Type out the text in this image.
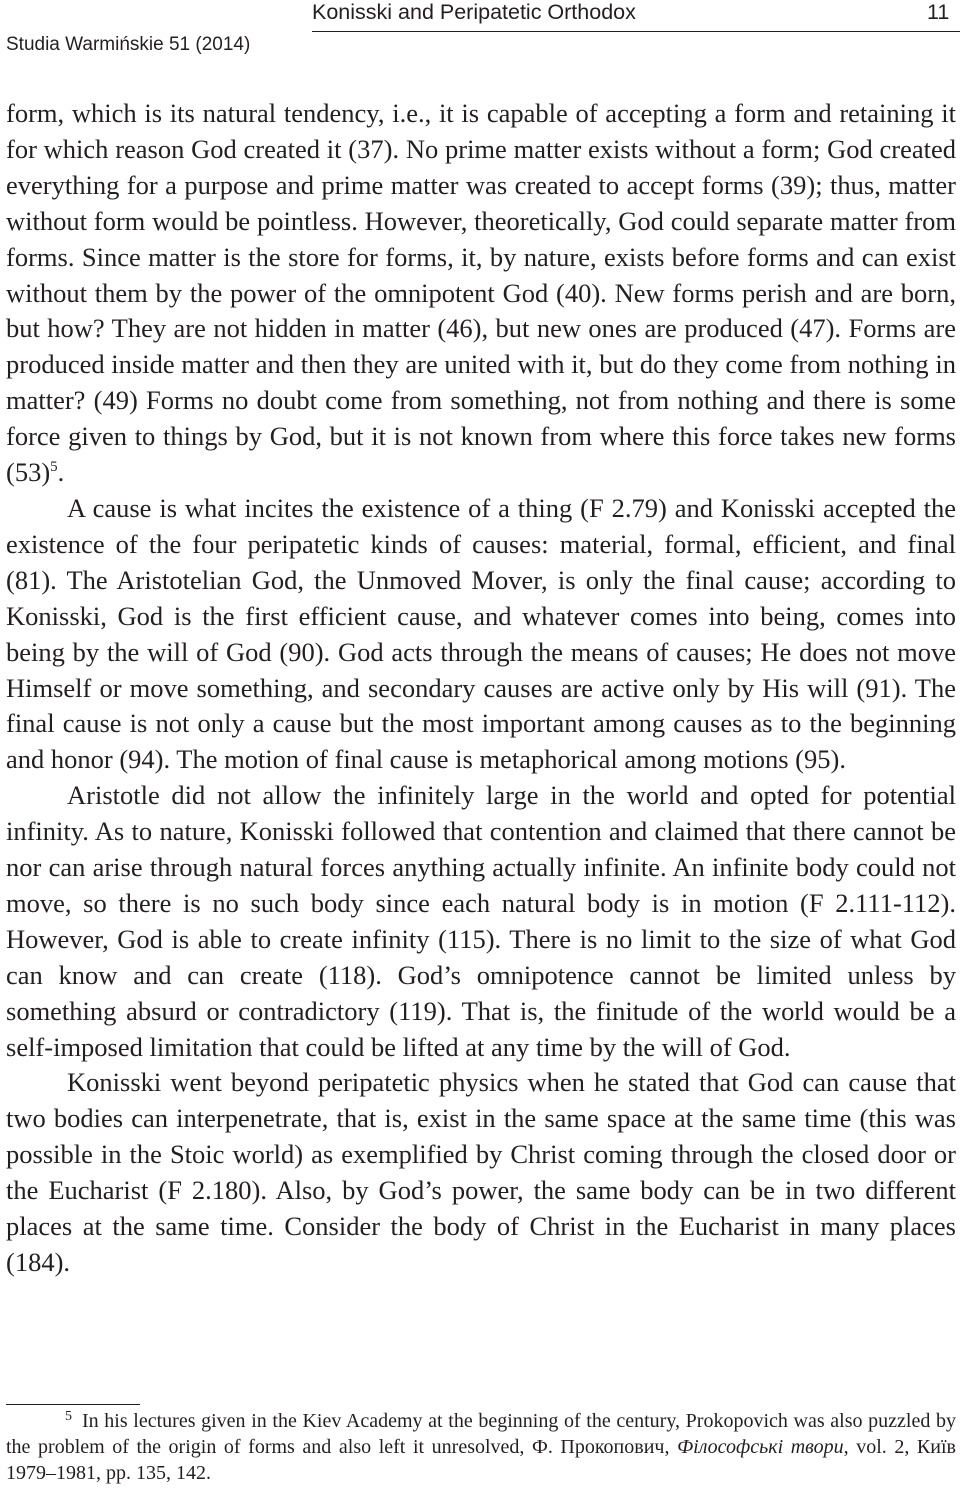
Studia Warmińskie 51 (2014)
Konisski and Peripatetic Orthodox	11

form, which is its natural tendency, i.e., it is capable of accepting a form and retaining it for which reason God created it (37). No prime matter exists without a form; God created everything for a purpose and prime matter was created to accept forms (39); thus, matter without form would be pointless. However, theoretically, God could separate matter from forms. Since matter is the store for forms, it, by nature, exists before forms and can exist without them by the power of the omnipotent God (40). New forms perish and are born, but how? They are not hidden in matter (46), but new ones are produced (47). Forms are produced inside matter and then they are united with it, but do they come from nothing in matter? (49) Forms no doubt come from something, not from nothing and there is some force given to things by God, but it is not known from where this force takes new forms $(53)^5$.

A cause is what incites the existence of a thing (F 2.79) and Konisski accepted the existence of the four peripatetic kinds of causes: material, formal, efficient, and final (81). The Aristotelian God, the Unmoved Mover, is only the final cause; according to Konisski, God is the first efficient cause, and whatever comes into being, comes into being by the will of God (90). God acts through the means of causes; He does not move Himself or move something, and secondary causes are active only by His will (91). The final cause is not only a cause but the most important among causes as to the beginning and honor (94). The motion of final cause is metaphorical among motions (95).

Aristotle did not allow the infinitely large in the world and opted for potential infinity. As to nature, Konisski followed that contention and claimed that there cannot be nor can arise through natural forces anything actually infinite. An infinite body could not move, so there is no such body since each natural body is in motion (F 2.111-112). However, God is able to create infinity (115). There is no limit to the size of what God can know and can create (118). God’s omnipotence cannot be limited unless by something absurd or contradictory (119). That is, the finitude of the world would be a self-imposed limitation that could be lifted at any time by the will of God.

Konisski went beyond peripatetic physics when he stated that God can cause that two bodies can interpenetrate, that is, exist in the same space at the same time (this was possible in the Stoic world) as exemplified by Christ coming through the closed door or the Eucharist (F 2.180). Also, by God’s power, the same body can be in two different places at the same time. Consider the body of Christ in the Eucharist in many places (184).

$^5$ In his lectures given in the Kiev Academy at the beginning of the century, Prokopovich was also puzzled by the problem of the origin of forms and also left it unresolved, Ф. Прокопович, Філософські твори, vol. 2, Київ 1979–1981, pp. 135, 142.
